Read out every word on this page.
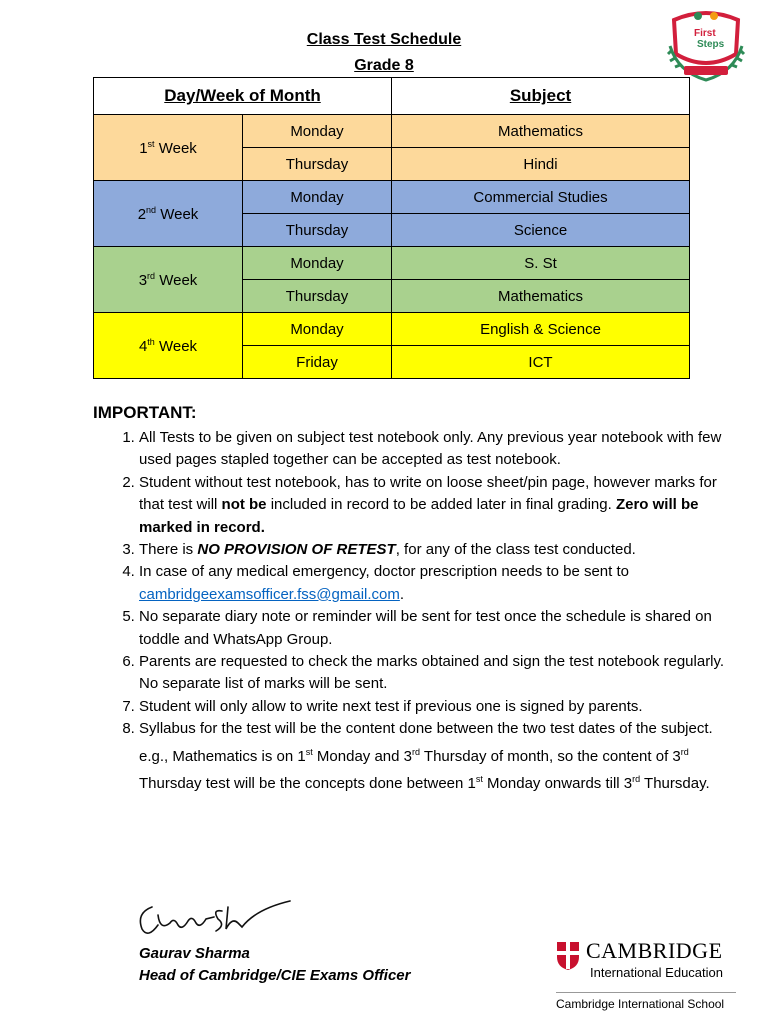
Class Test Schedule
Grade 8
First
Steps
Day/Week of Month		Subject
1st Week	Monday	Mathematics
	Thursday	Hindi
2nd Week	Monday	Commercial Studies
	Thursday	Science
3rd Week	Monday	S. St
	Thursday	Mathematics
4th Week	Monday	English & Science
	Friday	ICT
IMPORTANT:
1. All Tests to be given on subject test notebook only. Any previous year notebook with few used pages stapled together can be accepted as test notebook.
2. Student without test notebook, has to write on loose sheet/pin page, however marks for that test will not be included in record to be added later in final grading. Zero will be marked in record.
3. There is NO PROVISION OF RETEST, for any of the class test conducted.
4. In case of any medical emergency, doctor prescription needs to be sent to cambridgeexamsofficer.fss@gmail.com.
5. No separate diary note or reminder will be sent for test once the schedule is shared on toddle and WhatsApp Group.
6. Parents are requested to check the marks obtained and sign the test notebook regularly. No separate list of marks will be sent.
7. Student will only allow to write next test if previous one is signed by parents.
8. Syllabus for the test will be the content done between the two test dates of the subject.
e.g., Mathematics is on 1st Monday and 3rd Thursday of month, so the content of 3rd Thursday test will be the concepts done between 1st Monday onwards till 3rd Thursday.
Gaurav Sharma
Head of Cambridge/CIE Exams Officer
CAMBRIDGE
International Education
Cambridge International School
